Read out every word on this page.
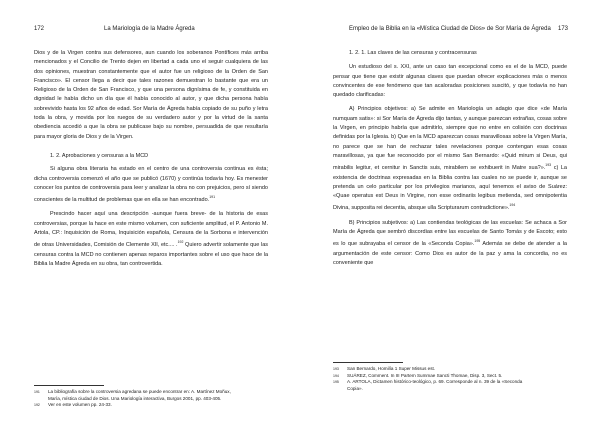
172	La Mariología de la Madre Ágreda

Dios y de la Virgen contra sus defensores, aun cuando los soberanos Pontífices más arriba mencionados y el Concilio de Trento dejen en libertad a cada uno el seguir cualquiera de las dos opiniones, muestran constantemente que el autor fue un religioso de la Orden de San Francisco». El censor llega a decir que tales razones demuestran lo bastante que era un Religioso de la Orden de San Francisco, y que una persona dignísima de fe, y constituida en dignidad le había dicho un día que él había conocido al autor, y que dicha persona había sobrevivido hasta los 92 años de edad. Sor María de Ágreda había copiado de su puño y letra toda la obra, y movida por los ruegos de su verdadero autor y por la virtud de la santa obediencia accedió a que la obra se publicase bajo su nombre, persuadida de que resultaría para mayor gloria de Dios y de la Virgen.

1. 2. Aprobaciones y censuras a la MCD

Si alguna obra literaria ha estado en el centro de una controversia continua es ésta; dicha controversia comenzó el año que se publicó (1670) y continúa todavía hoy. Es menester conocer los puntos de controversia para leer y analizar la obra no con prejuicios, pero sí siendo conscientes de la multitud de problemas que en ella se han encontrado.$^{191}$

Prescindo hacer aquí una descripción -aunque fuera breve- de la historia de esas controversias, porque la hace en este mismo volumen, con suficiente amplitud, el P. Antonio M. Artola, CP.: Inquisición de Roma, Inquisición española, Censura de la Sorbona e intervención de otras Universidades, Comisión de Clemente XII, etc.... .$^{192}$ Quiero advertir solamente que las censuras contra la MCD no contienen apenas reparos importantes sobre el uso que hace de la Biblia la Madre Ágreda en su obra, tan controvertida.

191	La bibliografía sobre la controversia agredana se puede encontrar en: A. Martínez Moñux,
María, mística ciudad de Dios. Una Mariología interactiva, Burgos 2001, pp. 403-405.
192	Ver en este volumen pp. 24-33.
Empleo de la Biblia en la «Mística Ciudad de Dios» de Sor María de Ágreda 173

1. 2. 1. Las claves de las censuras y contracensuras

Un estudioso del s. XXI, ante un caso tan excepcional como es el de la MCD, puede pensar que tiene que existir algunas claves que puedan ofrecer explicaciones más o menos convincentes de ese fenómeno que tan acaloradas posiciones suscitó, y que todavía no han quedado clarificadas:

A) Principios objetivos: a) Se admite en Mariología un adagio que dice «de María numquam satis»: si Sor María de Ágreda dijo tantas, y aunque parezcan extrañas, cosas sobre la Virgen, en principio habría que admitirlo, siempre que no entre en colisión con doctrinas definidas por la Iglesia. b) Que en la MCD aparezcan cosas maravillosas sobre la Virgen María, no parece que se han de rechazar tales revelaciones porque contengan esas cosas maravillosas, ya que fue reconocido por el mismo San Bernardo: «Quid mirum si Deus, qui mirabilis legitur, et cernitur in Sanctis suis, mirabilem se exhibuerit in Matre sua?».$^{193}$ c) La existencia de doctrinas expresadas en la Biblia contra las cuales no se puede ir, aunque se pretenda un celo particular por los privilegios marianos, aquí tenemos el aviso de Suárez: «Quae operatus est Deus in Virgine, non esse ordinariis legibus metienda, sed omnipotentia Divina, supposita rei decentia, absque ulla Scripturarum contradictione».$^{194}$

B) Principios subjetivos: a) Las contiendas teológicas de las escuelas: Se achaca a Sor María de Ágreda que sembró discordias entre las escuelas de Santo Tomás y de Escoto; esto es lo que subrayaba el censor de la «Seconda Copia».$^{195}$ Además se debe de atender a la argumentación de este censor: Como Dios es autor de la paz y ama la concordia, no es conveniente que

193	San Bernardo, Homilía 1 Super Missus est.
194	SUÁREZ, Comment. In III Partem Summae Sancti Thomae, Disp. 3, Sect. 5.
195	A. ARTOLA, Dictamen histórico-teológico, p. 69. Corresponde al n. 39 de la «Seconda
Copia».
